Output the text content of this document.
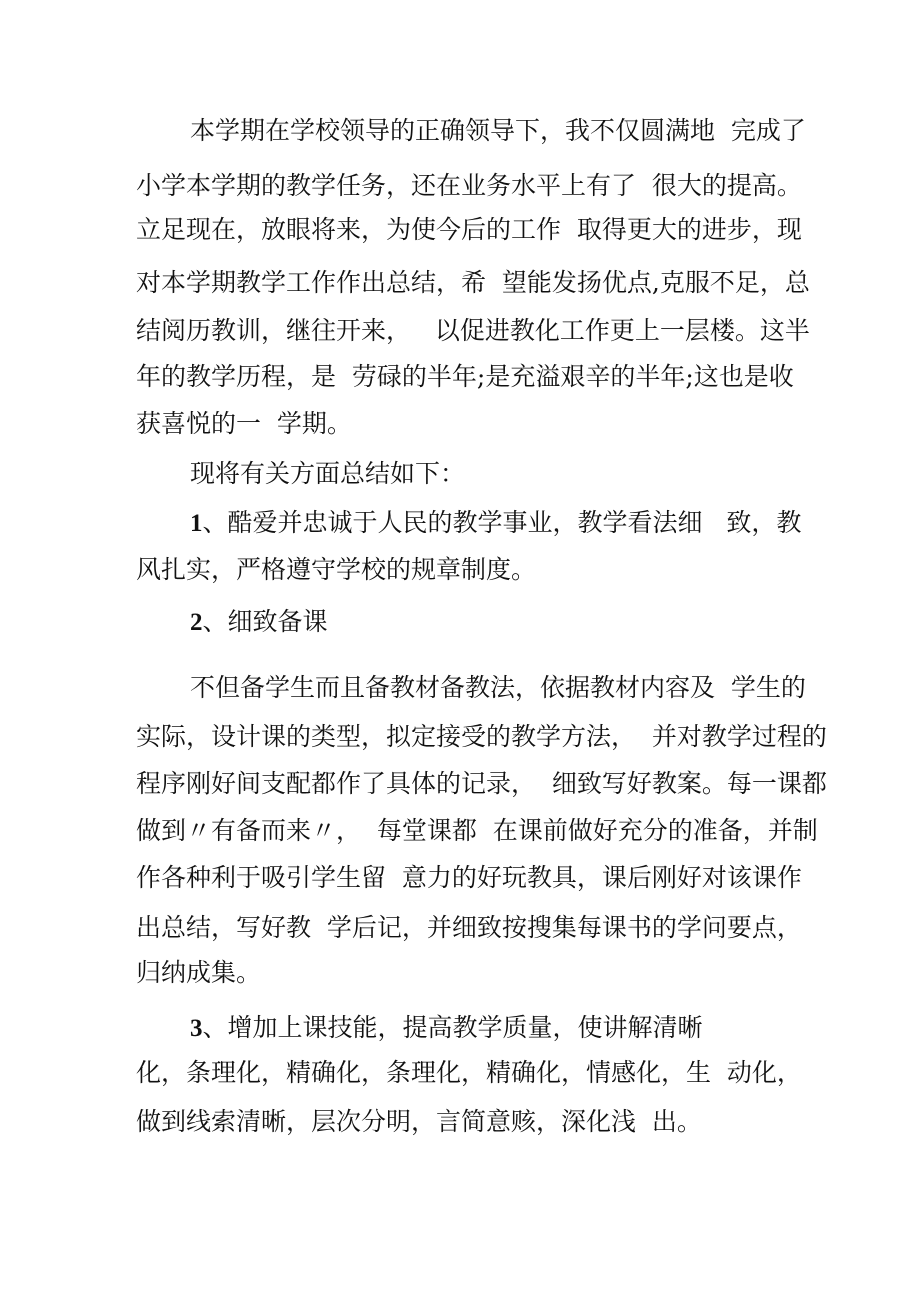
本学期在学校领导的正确领导下，我不仅圆满地  完成了
小学本学期的教学任务，还在业务水平上有了  很大的提高。
立足现在，放眼将来，为使今后的工作  取得更大的进步，现
对本学期教学工作作出总结，希  望能发扬优点,克服不足，总
结阅历教训，继往开来，   以促进教化工作更上一层楼。这半
年的教学历程，是  劳碌的半年;是充溢艰辛的半年;这也是收
获喜悦的一  学期。
现将有关方面总结如下：
1、酷爱并忠诚于人民的教学事业，教学看法细   致，教
风扎实，严格遵守学校的规章制度。
2、细致备课
不但备学生而且备教材备教法，依据教材内容及  学生的
实际，设计课的类型，拟定接受的教学方法，  并对教学过程的
程序刚好间支配都作了具体的记录，  细致写好教案。每一课都
做到〃有备而来〃，  每堂课都  在课前做好充分的准备，并制
作各种利于吸引学生留  意力的好玩教具，课后刚好对该课作
出总结，写好教  学后记，并细致按搜集每课书的学问要点，
归纳成集。
3、增加上课技能，提高教学质量，使讲解清晰
化，条理化，精确化，条理化，精确化，情感化，生  动化，
做到线索清晰，层次分明，言简意赅，深化浅  出。
